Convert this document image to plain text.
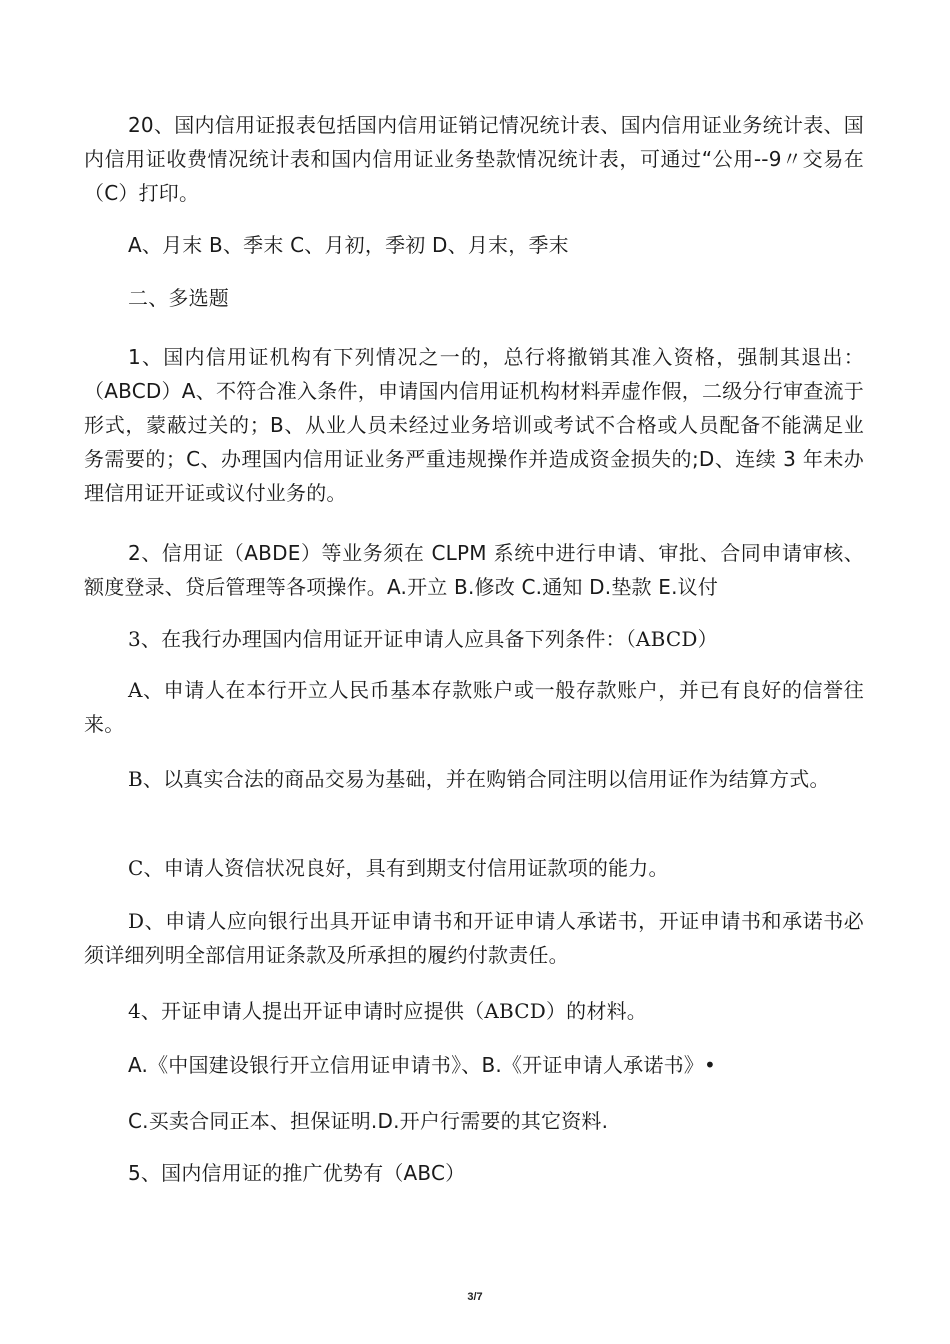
20、国内信用证报表包括国内信用证销记情况统计表、国内信用证业务统计表、国内信用证收费情况统计表和国内信用证业务垫款情况统计表，可通过“公用--9〃交易在（C）打印。

A、月末 B、季末 C、月初，季初 D、月末，季末

二、多选题

1、国内信用证机构有下列情况之一的，总行将撤销其准入资格，强制其退出：（ABCD）A、不符合准入条件，申请国内信用证机构材料弄虚作假，二级分行审查流于形式，蒙蔽过关的；B、从业人员未经过业务培训或考试不合格或人员配备不能满足业务需要的；C、办理国内信用证业务严重违规操作并造成资金损失的;D、连续 3 年未办理信用证开证或议付业务的。

2、信用证（ABDE）等业务须在 CLPM 系统中进行申请、审批、合同申请审核、额度登录、贷后管理等各项操作。A.开立 B.修改 C.通知 D.垫款 E.议付

3、在我行办理国内信用证开证申请人应具备下列条件：（ABCD）

A、申请人在本行开立人民币基本存款账户或一般存款账户，并已有良好的信誉往来。

B、以真实合法的商品交易为基础，并在购销合同注明以信用证作为结算方式。

C、申请人资信状况良好，具有到期支付信用证款项的能力。

D、申请人应向银行出具开证申请书和开证申请人承诺书，开证申请书和承诺书必须详细列明全部信用证条款及所承担的履约付款责任。

4、开证申请人提出开证申请时应提供（ABCD）的材料。

A.《中国建设银行开立信用证申请书》、B.《开证申请人承诺书》•

C.买卖合同正本、担保证明.D.开户行需要的其它资料.

5、国内信用证的推广优势有（ABC）

3/7
